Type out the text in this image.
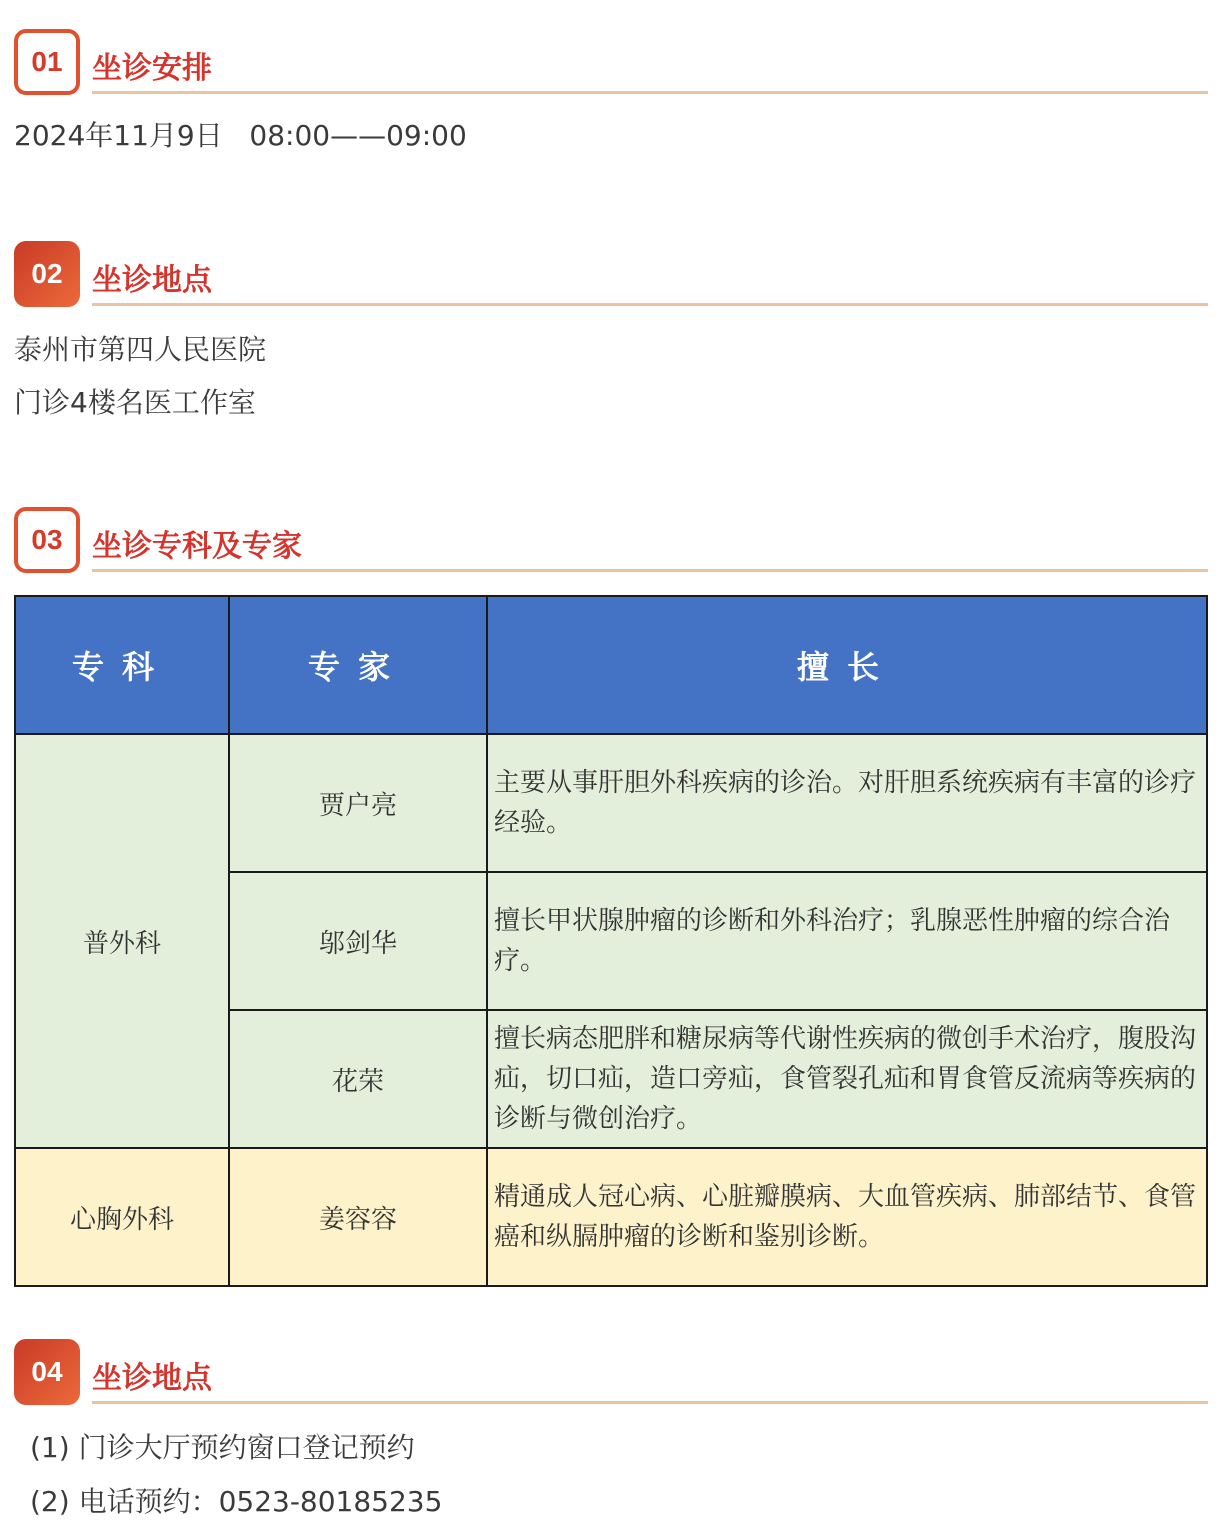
01 坐诊安排
2024年11月9日 08:00——09:00
02 坐诊地点
泰州市第四人民医院
门诊4楼名医工作室
03 坐诊专科及专家
专科	专家	擅长
普外科	贾户亮	主要从事肝胆外科疾病的诊治。对肝胆系统疾病有丰富的诊疗经验。
	邬剑华	擅长甲状腺肿瘤的诊断和外科治疗；乳腺恶性肿瘤的综合治疗。
	花荣	擅长病态肥胖和糖尿病等代谢性疾病的微创手术治疗，腹股沟疝，切口疝，造口旁疝，食管裂孔疝和胃食管反流病等疾病的诊断与微创治疗。
心胸外科	姜容容	精通成人冠心病、心脏瓣膜病、大血管疾病、肺部结节、食管癌和纵膈肿瘤的诊断和鉴别诊断。
04 坐诊地点
(1) 门诊大厅预约窗口登记预约
(2) 电话预约：0523-80185235
